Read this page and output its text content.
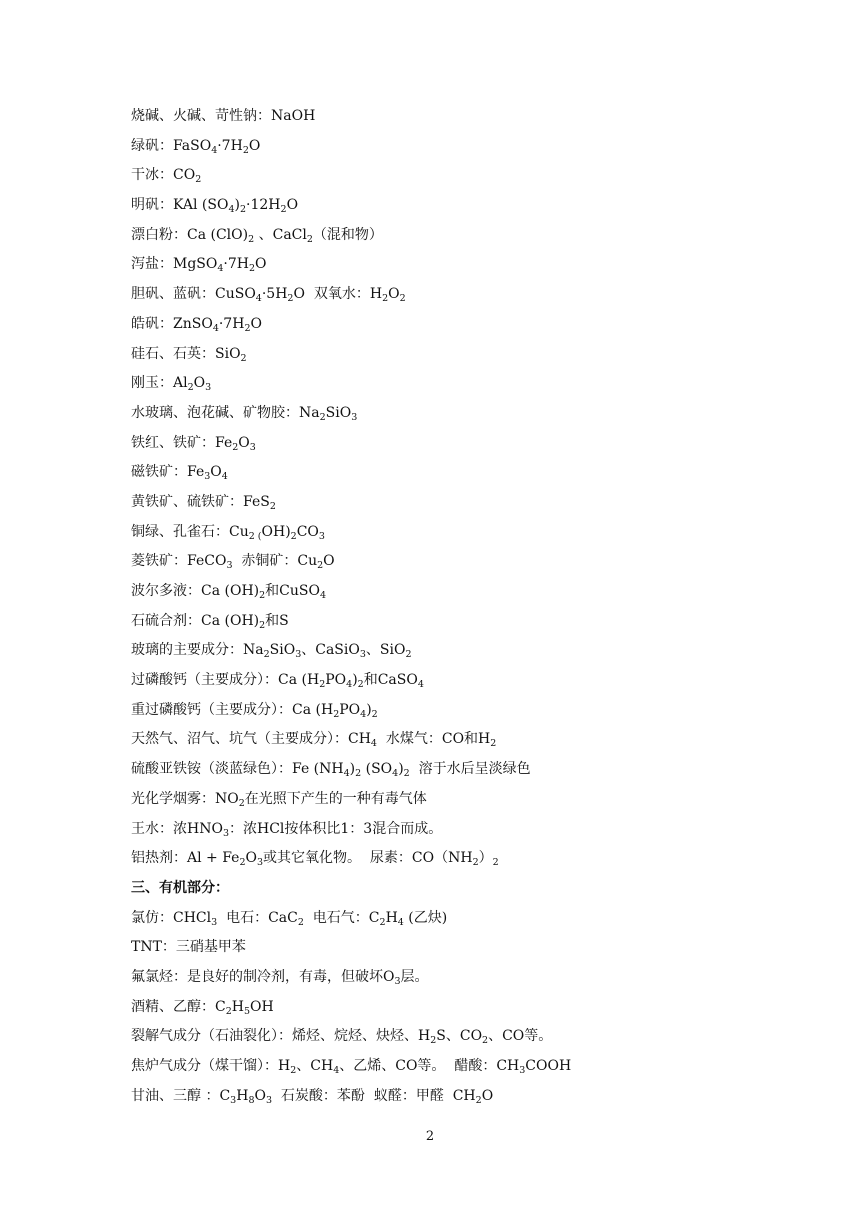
烧碱、火碱、苛性钠：NaOH
绿矾：$FaSO_4\cdot 7H_2O$
干冰：$CO_2$
明矾：KAl $(SO_4)_2\cdot 12H_2O$
漂白粉：Ca $(ClO)_2$ 、CaCl$_2$（混和物）
泻盐：$MgSO_4\cdot 7H_2O$
胆矾、蓝矾：$CuSO_4\cdot 5H_2O$  双氧水：$H_2O_2$
皓矾：$ZnSO_4\cdot 7H_2O$
硅石、石英：SiO$_2$
刚玉：$Al_2O_3$
水玻璃、泡花碱、矿物胶：$Na_2SiO_3$
铁红、铁矿：$Fe_2O_3$
磁铁矿：$Fe_3O_4$
黄铁矿、硫铁矿：FeS$_2$
铜绿、孔雀石：$Cu_{2 (}OH)_2CO_3$
菱铁矿：FeCO$_3$  赤铜矿：$Cu_2O$
波尔多液：Ca $(OH)_2$和CuSO$_4$
石硫合剂：Ca $(OH)_2$和S
玻璃的主要成分：$Na_2SiO_3$、CaSiO$_3$、SiO$_2$
过磷酸钙（主要成分）：Ca $(H_2PO_4)_2$和CaSO$_4$
重过磷酸钙（主要成分）：Ca $(H_2PO_4)_2$
天然气、沼气、坑气（主要成分）：$CH_4$  水煤气：CO和$H_2$
硫酸亚铁铵（淡蓝绿色）：Fe $(NH_4)_2$ $(SO_4)_2$  溶于水后呈淡绿色
光化学烟雾：$NO_2$在光照下产生的一种有毒气体
王水：浓$HNO_3$：浓HCl按体积比1：3混合而成。
铝热剂：$Al + Fe_2O_3$或其它氧化物。  尿素：$CO(NH_2)_2$
三、有机部分：
氯仿：CHCl$_3$  电石：CaC$_2$  电石气：$C_2H_4$ (乙炔)
TNT：三硝基甲苯
氟氯烃：是良好的制冷剂，有毒，但破坏$O_3$层。
酒精、乙醇：$C_2H_5OH$
裂解气成分（石油裂化）：烯烃、烷烃、炔烃、$H_2S$、$CO_2$、CO等。
焦炉气成分（煤干馏）：$H_2$、$CH_4$、乙烯、CO等。  醋酸：$CH_3COOH$
甘油、三醇 ：$C_3H_8O_3$  石炭酸：苯酚  蚁醛：甲醛  $CH_2O$
2
